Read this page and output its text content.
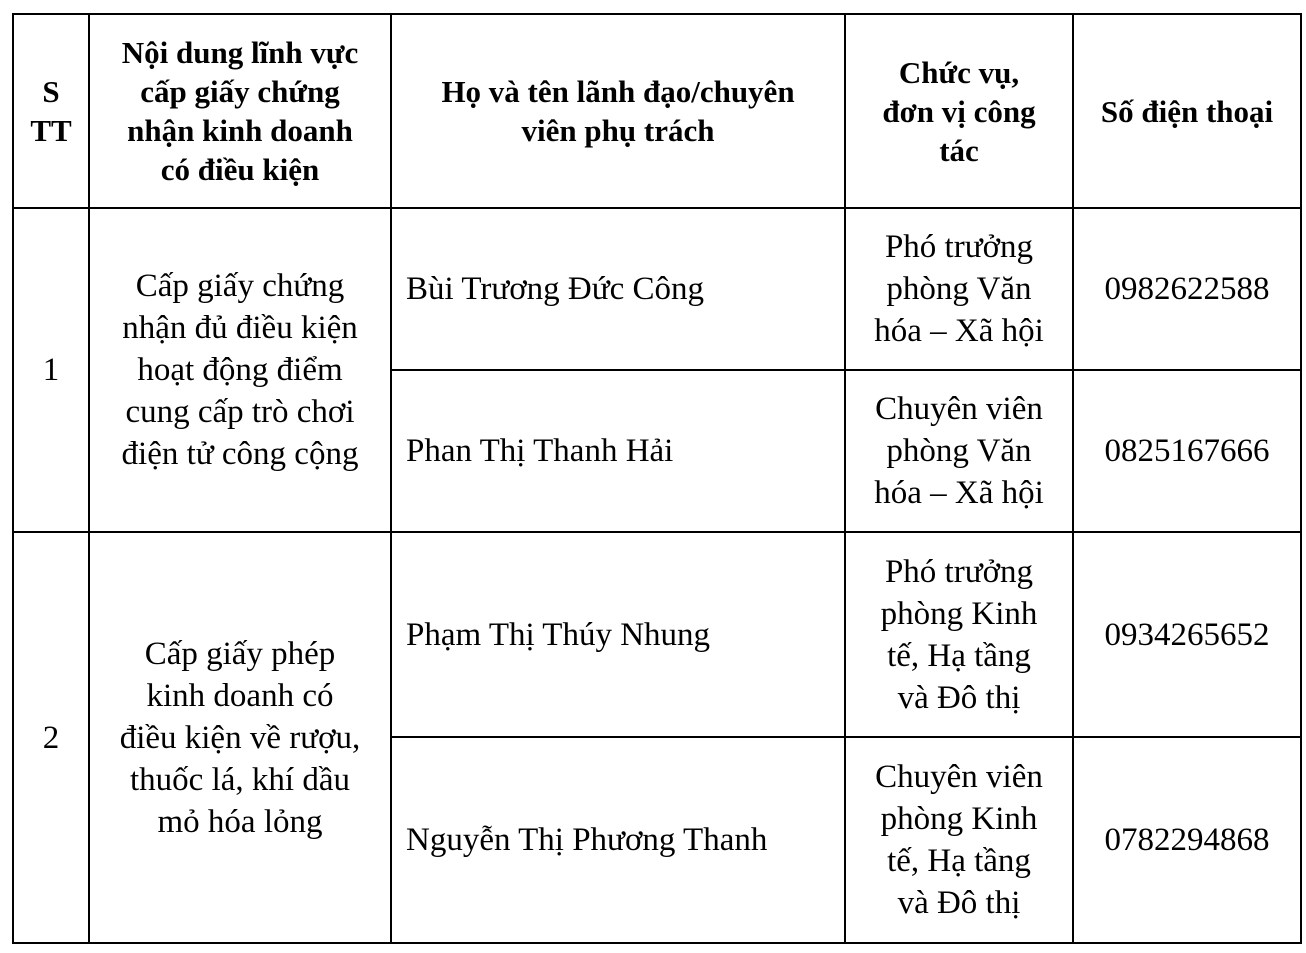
S
TT	Nội dung lĩnh vực
cấp giấy chứng
nhận kinh doanh
có điều kiện	Họ và tên lãnh đạo/chuyên
viên phụ trách	Chức vụ,
đơn vị công
tác	Số điện thoại
1	Cấp giấy chứng
nhận đủ điều kiện
hoạt động điểm
cung cấp trò chơi
điện tử công cộng	Bùi Trương Đức Công	Phó trưởng
phòng Văn
hóa – Xã hội	0982622588
		Phan Thị Thanh Hải	Chuyên viên
phòng Văn
hóa – Xã hội	0825167666
2	Cấp giấy phép
kinh doanh có
điều kiện về rượu,
thuốc lá, khí dầu
mỏ hóa lỏng	Phạm Thị Thúy Nhung	Phó trưởng
phòng Kinh
tế, Hạ tầng
và Đô thị	0934265652
		Nguyễn Thị Phương Thanh	Chuyên viên
phòng Kinh
tế, Hạ tầng
và Đô thị	0782294868
